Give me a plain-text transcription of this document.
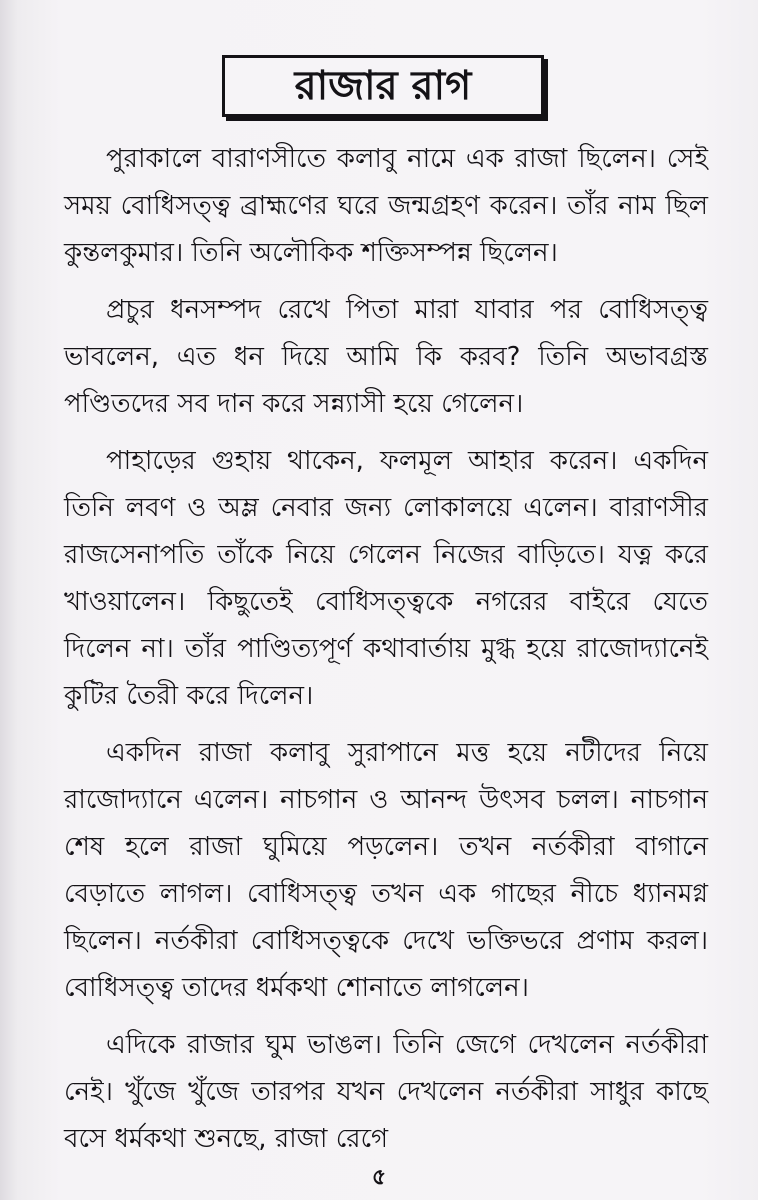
রাজার রাগ

পুরাকালে বারাণসীতে কলাবু নামে এক রাজা ছিলেন। সেই সময় বোধিসত্ত্ব ব্রাহ্মণের ঘরে জন্মগ্রহণ করেন। তাঁর নাম ছিল কুন্তলকুমার। তিনি অলৌকিক শক্তিসম্পন্ন ছিলেন।

প্রচুর ধনসম্পদ রেখে পিতা মারা যাবার পর বোধিসত্ত্ব ভাবলেন, এত ধন দিয়ে আমি কি করব? তিনি অভাবগ্রস্ত পণ্ডিতদের সব দান করে সন্ন্যাসী হয়ে গেলেন।

পাহাড়ের গুহায় থাকেন, ফলমূল আহার করেন। একদিন তিনি লবণ ও অম্ল নেবার জন্য লোকালয়ে এলেন। বারাণসীর রাজসেনাপতি তাঁকে নিয়ে গেলেন নিজের বাড়িতে। যত্ন করে খাওয়ালেন। কিছুতেই বোধিসত্ত্বকে নগরের বাইরে যেতে দিলেন না। তাঁর পাণ্ডিত্যপূর্ণ কথাবার্তায় মুগ্ধ হয়ে রাজোদ্যানেই কুটির তৈরী করে দিলেন।

একদিন রাজা কলাবু সুরাপানে মত্ত হয়ে নটীদের নিয়ে রাজোদ্যানে এলেন। নাচগান ও আনন্দ উৎসব চলল। নাচগান শেষ হলে রাজা ঘুমিয়ে পড়লেন। তখন নর্তকীরা বাগানে বেড়াতে লাগল। বোধিসত্ত্ব তখন এক গাছের নীচে ধ্যানমগ্ন ছিলেন। নর্তকীরা বোধিসত্ত্বকে দেখে ভক্তিভরে প্রণাম করল। বোধিসত্ত্ব তাদের ধর্মকথা শোনাতে লাগলেন।

এদিকে রাজার ঘুম ভাঙল। তিনি জেগে দেখলেন নর্তকীরা নেই। খুঁজে খুঁজে তারপর যখন দেখলেন নর্তকীরা সাধুর কাছে বসে ধর্মকথা শুনছে, রাজা রেগে

৫
